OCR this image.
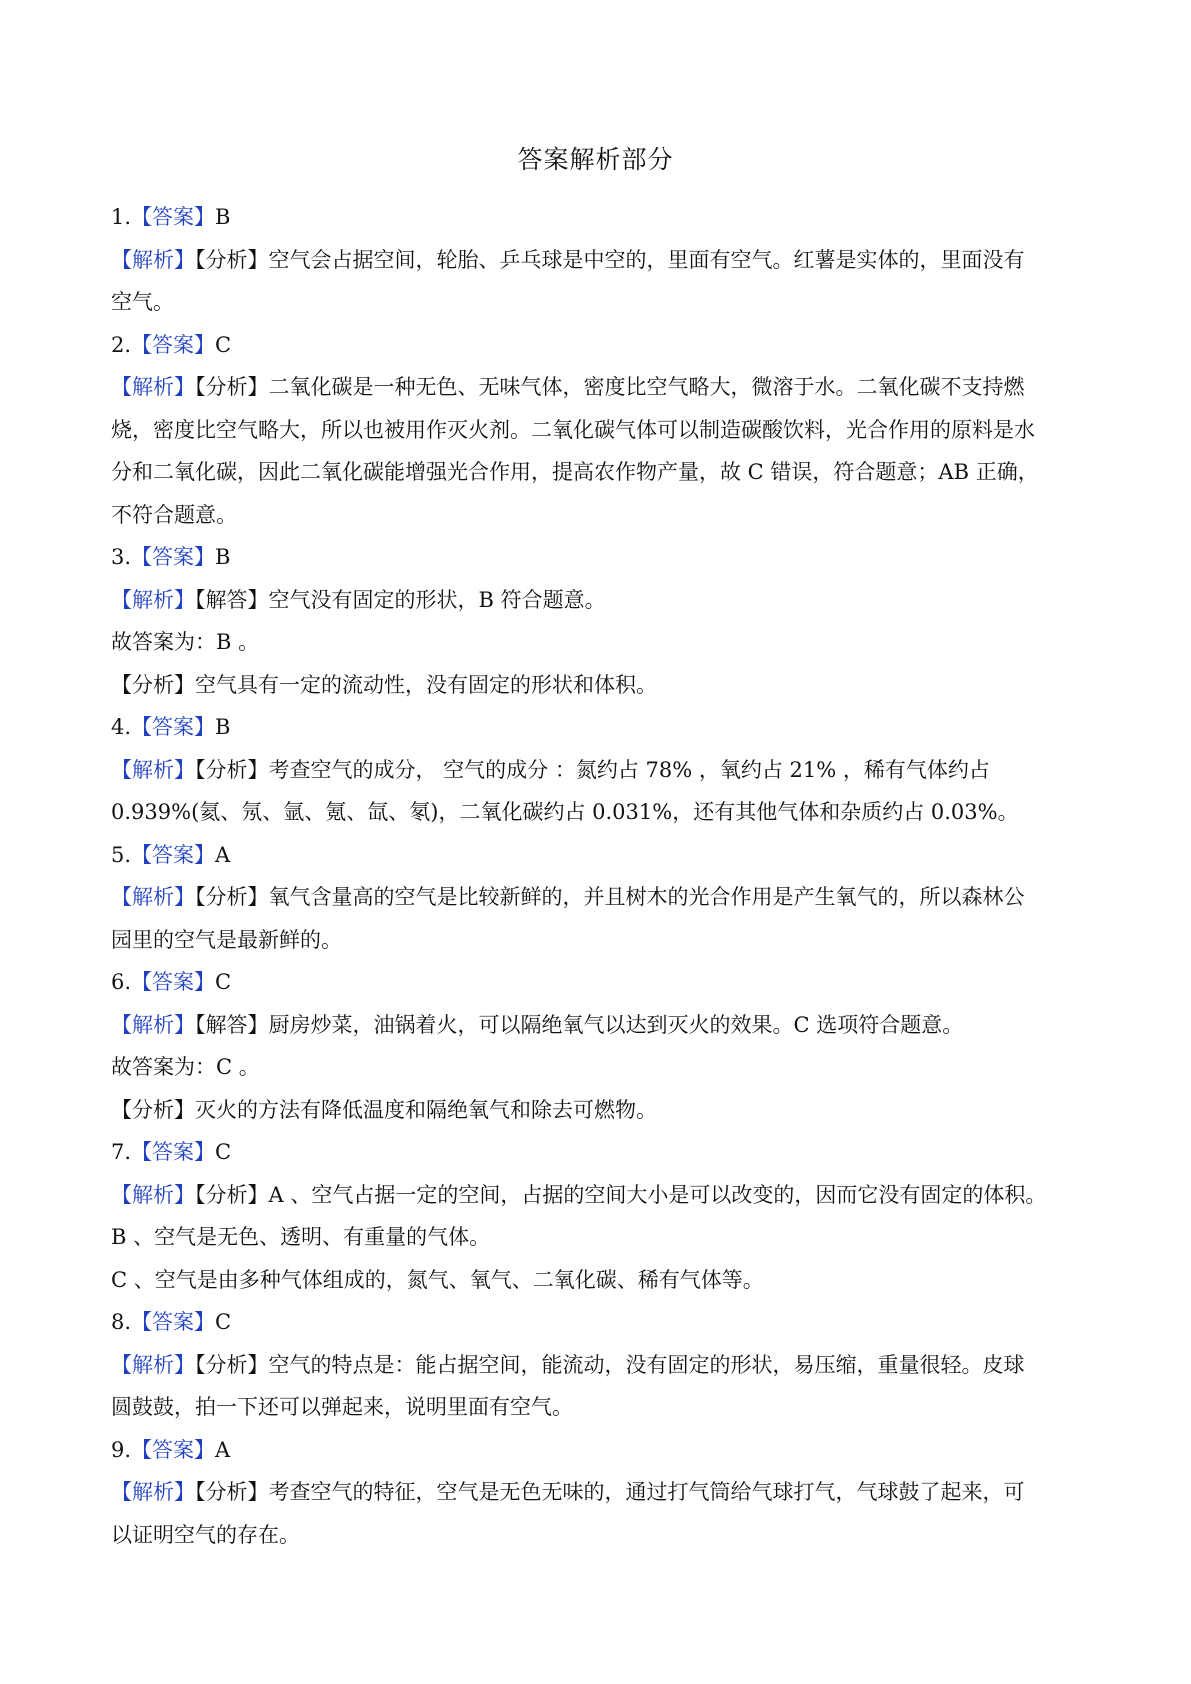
答案解析部分
1.【答案】B
【解析】【分析】空气会占据空间，轮胎、乒乓球是中空的，里面有空气。红薯是实体的，里面没有
空气。
2.【答案】C
【解析】【分析】二氧化碳是一种无色、无味气体，密度比空气略大，微溶于水。二氧化碳不支持燃
烧，密度比空气略大，所以也被用作灭火剂。二氧化碳气体可以制造碳酸饮料，光合作用的原料是水
分和二氧化碳，因此二氧化碳能增强光合作用，提高农作物产量，故 C 错误，符合题意；AB 正确，
不符合题意。
3.【答案】B
【解析】【解答】空气没有固定的形状，B 符合题意。
故答案为：B 。
【分析】空气具有一定的流动性，没有固定的形状和体积。
4.【答案】B
【解析】【分析】考查空气的成分， 空气的成分 ：氮约占 78% ，氧约占 21% ，稀有气体约占
0.939%(氦、氖、氩、氪、氙、氡)，二氧化碳约占 0.031%，还有其他气体和杂质约占 0.03%。
5.【答案】A
【解析】【分析】氧气含量高的空气是比较新鲜的，并且树木的光合作用是产生氧气的，所以森林公
园里的空气是最新鲜的。
6.【答案】C
【解析】【解答】厨房炒菜，油锅着火，可以隔绝氧气以达到灭火的效果。C 选项符合题意。
故答案为：C 。
【分析】灭火的方法有降低温度和隔绝氧气和除去可燃物。
7.【答案】C
【解析】【分析】A 、空气占据一定的空间，占据的空间大小是可以改变的，因而它没有固定的体积。
B 、空气是无色、透明、有重量的气体。
C 、空气是由多种气体组成的，氮气、氧气、二氧化碳、稀有气体等。
8.【答案】C
【解析】【分析】空气的特点是：能占据空间，能流动，没有固定的形状，易压缩，重量很轻。皮球
圆鼓鼓，拍一下还可以弹起来，说明里面有空气。
9.【答案】A
【解析】【分析】考查空气的特征，空气是无色无味的，通过打气筒给气球打气，气球鼓了起来，可
以证明空气的存在。
